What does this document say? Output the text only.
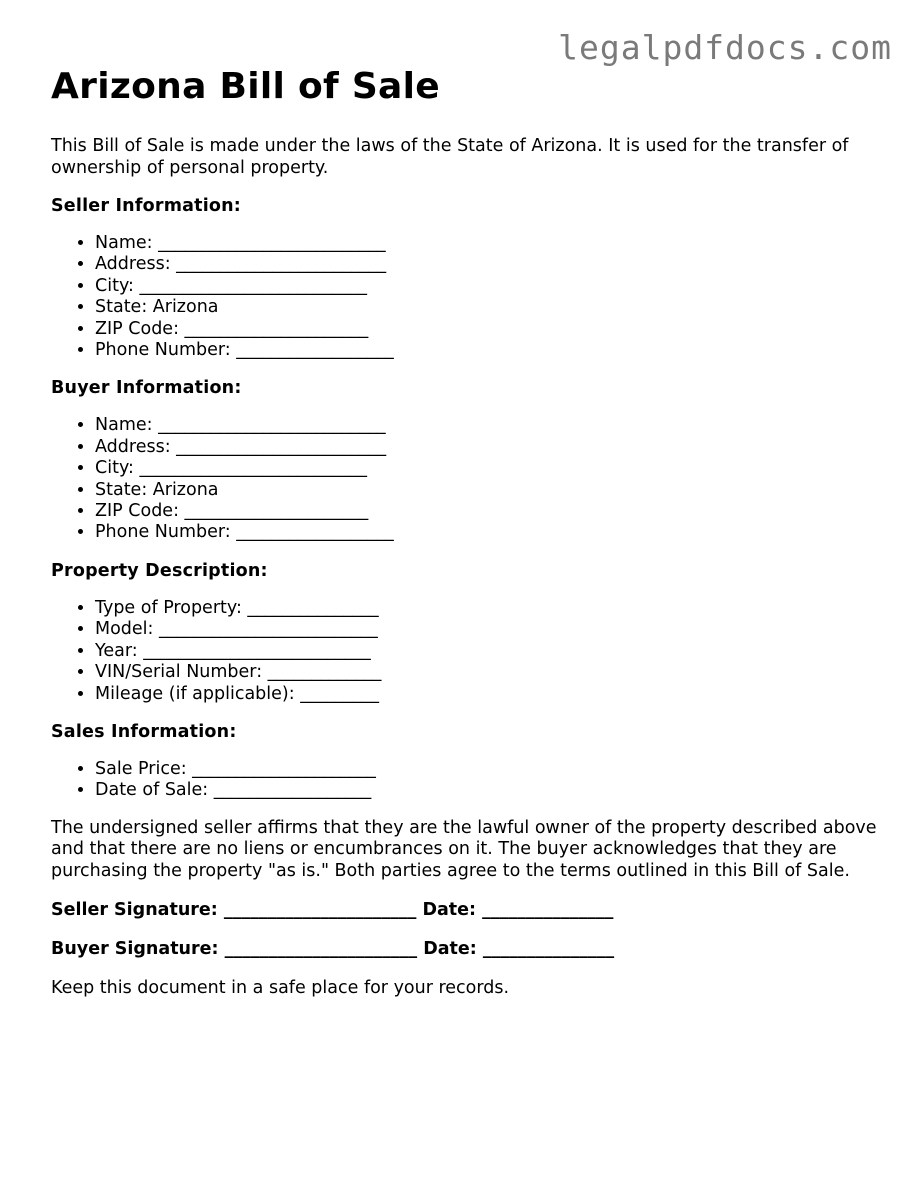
legalpdfdocs.com
Arizona Bill of Sale

This Bill of Sale is made under the laws of the State of Arizona. It is used for the transfer of ownership of personal property.

Seller Information:
• Name: __________________________
• Address: ________________________
• City: __________________________
• State: Arizona
• ZIP Code: _____________________
• Phone Number: __________________
Buyer Information:
• Name: __________________________
• Address: ________________________
• City: __________________________
• State: Arizona
• ZIP Code: _____________________
• Phone Number: __________________
Property Description:
• Type of Property: _______________
• Model: _________________________
• Year: __________________________
• VIN/Serial Number: _____________
• Mileage (if applicable): _________
Sales Information:
• Sale Price: _____________________
• Date of Sale: __________________

The undersigned seller affirms that they are the lawful owner of the property described above and that there are no liens or encumbrances on it. The buyer acknowledges that they are purchasing the property "as is." Both parties agree to the terms outlined in this Bill of Sale.

Seller Signature: ______________________ Date: _______________
Buyer Signature: ______________________ Date: _______________

Keep this document in a safe place for your records.
